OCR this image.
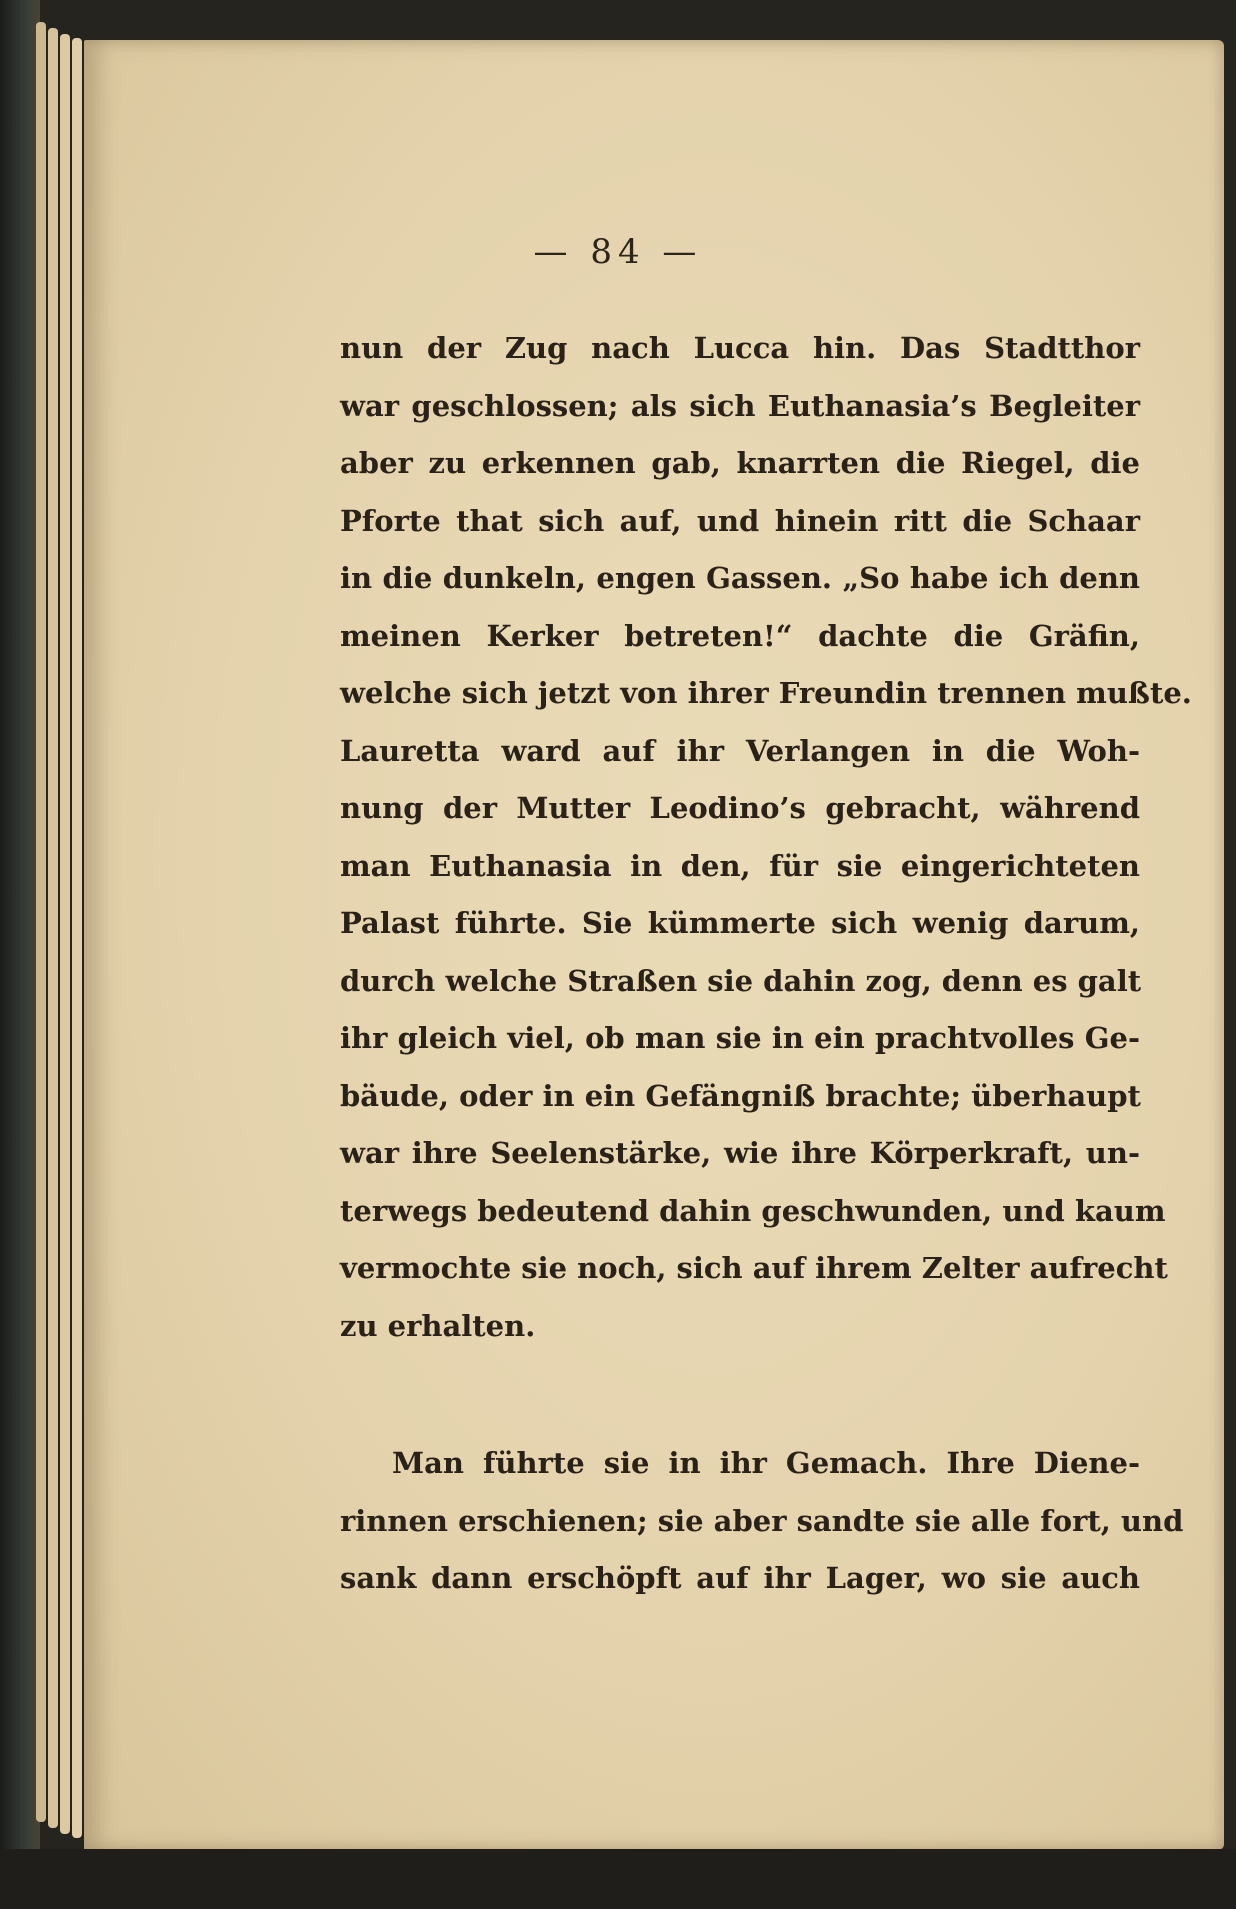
— 84 —
nun der Zug nach Lucca hin. Das Stadtthor
war geschlossen; als sich Euthanasia’s Begleiter
aber zu erkennen gab, knarrten die Riegel, die
Pforte that sich auf, und hinein ritt die Schaar
in die dunkeln, engen Gassen. „So habe ich denn
meinen Kerker betreten!“ dachte die Gräfin,
welche sich jetzt von ihrer Freundin trennen mußte.
Lauretta ward auf ihr Verlangen in die Woh-
nung der Mutter Leodino’s gebracht, während
man Euthanasia in den, für sie eingerichteten
Palast führte. Sie kümmerte sich wenig darum,
durch welche Straßen sie dahin zog, denn es galt
ihr gleich viel, ob man sie in ein prachtvolles Ge-
bäude, oder in ein Gefängniß brachte; überhaupt
war ihre Seelenstärke, wie ihre Körperkraft, un-
terwegs bedeutend dahin geschwunden, und kaum
vermochte sie noch, sich auf ihrem Zelter aufrecht
zu erhalten.
Man führte sie in ihr Gemach. Ihre Diene-
rinnen erschienen; sie aber sandte sie alle fort, und
sank dann erschöpft auf ihr Lager, wo sie auch
